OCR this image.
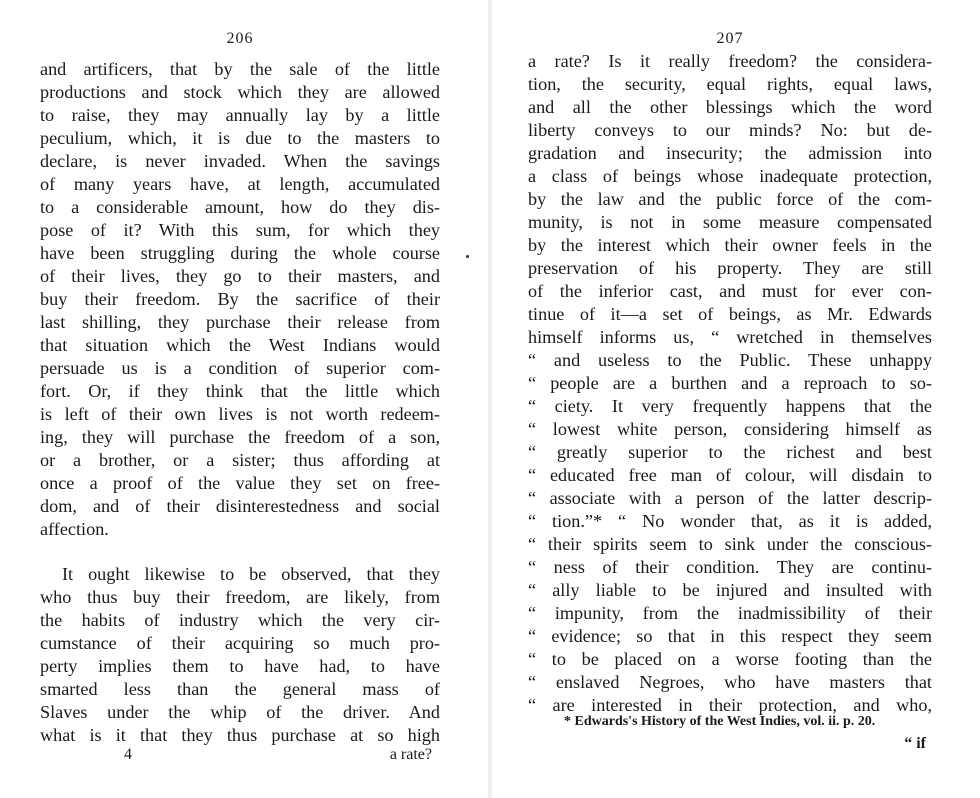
206
and artificers, that by the sale of the little
productions and stock which they are allowed
to raise, they may annually lay by a little
peculium, which, it is due to the masters to
declare, is never invaded. When the savings
of many years have, at length, accumulated
to a considerable amount, how do they dis-
pose of it? With this sum, for which they
have been struggling during the whole course
of their lives, they go to their masters, and
buy their freedom. By the sacrifice of their
last shilling, they purchase their release from
that situation which the West Indians would
persuade us is a condition of superior com-
fort. Or, if they think that the little which
is left of their own lives is not worth redeem-
ing, they will purchase the freedom of a son,
or a brother, or a sister; thus affording at
once a proof of the value they set on free-
dom, and of their disinterestedness and social
affection.
It ought likewise to be observed, that they
who thus buy their freedom, are likely, from
the habits of industry which the very cir-
cumstance of their acquiring so much pro-
perty implies them to have had, to have
smarted less than the general mass of
Slaves under the whip of the driver. And
what is it that they thus purchase at so high
4	a rate?
207
a rate? Is it really freedom? the considera-
tion, the security, equal rights, equal laws,
and all the other blessings which the word
liberty conveys to our minds? No: but de-
gradation and insecurity; the admission into
a class of beings whose inadequate protection,
by the law and the public force of the com-
munity, is not in some measure compensated
by the interest which their owner feels in the
preservation of his property. They are still
of the inferior cast, and must for ever con-
tinue of it—a set of beings, as Mr. Edwards
himself informs us, “ wretched in themselves
“ and useless to the Public. These unhappy
“ people are a burthen and a reproach to so-
“ ciety. It very frequently happens that the
“ lowest white person, considering himself as
“ greatly superior to the richest and best
“ educated free man of colour, will disdain to
“ associate with a person of the latter descrip-
“ tion.”* “ No wonder that, as it is added,
“ their spirits seem to sink under the conscious-
“ ness of their condition. They are continu-
“ ally liable to be injured and insulted with
“ impunity, from the inadmissibility of their
“ evidence; so that in this respect they seem
“ to be placed on a worse footing than the
“ enslaved Negroes, who have masters that
“ are interested in their protection, and who,
* Edwards's History of the West Indies, vol. ii. p. 20.
“ if
